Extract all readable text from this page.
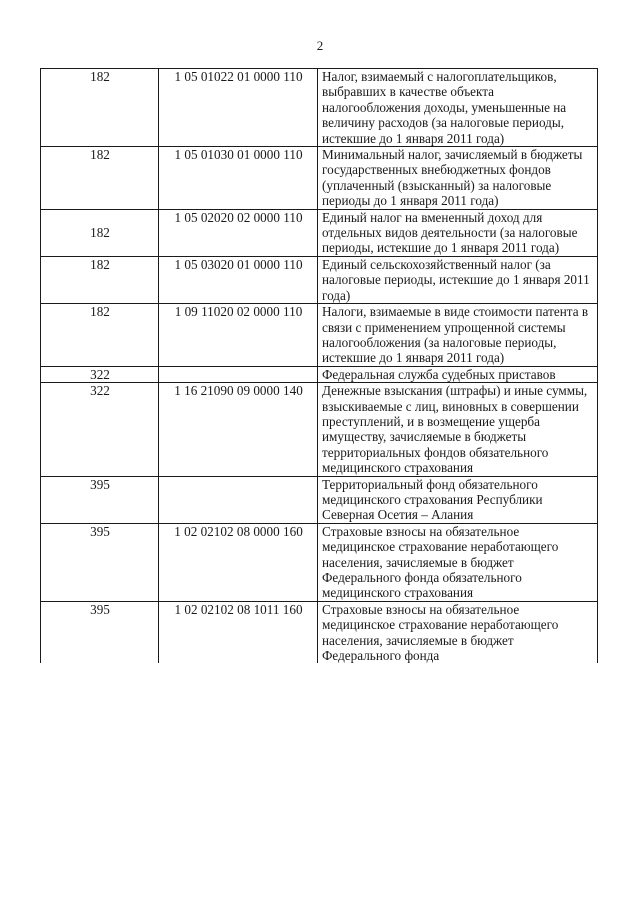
2
182	1 05 01022 01 0000 110	Налог, взимаемый с налогоплательщиков, выбравших в качестве объекта налогообложения доходы, уменьшенные на величину расходов (за налоговые периоды, истекшие до 1 января 2011 года)
182	1 05 01030 01 0000 110	Минимальный налог, зачисляемый в бюджеты государственных внебюджетных фондов (уплаченный (взысканный) за налоговые периоды до 1 января 2011 года)
182	1 05 02020 02 0000 110	Единый налог на вмененный доход для отдельных видов деятельности (за налоговые периоды, истекшие до 1 января 2011 года)
182	1 05 03020 01 0000 110	Единый сельскохозяйственный налог (за налоговые периоды, истекшие до 1 января 2011 года)
182	1 09 11020 02 0000 110	Налоги, взимаемые в виде стоимости патента в связи с применением упрощенной системы налогообложения (за налоговые периоды, истекшие до 1 января 2011 года)
322		Федеральная служба судебных приставов
322	1 16 21090 09 0000 140	Денежные взыскания (штрафы) и иные суммы, взыскиваемые с лиц, виновных в совершении преступлений, и в возмещение ущерба имуществу, зачисляемые в бюджеты территориальных фондов обязательного медицинского страхования
395		Территориальный фонд обязательного медицинского страхования Республики Северная Осетия – Алания
395	1 02 02102 08 0000 160	Страховые взносы на обязательное медицинское страхование неработающего населения, зачисляемые в бюджет Федерального фонда обязательного медицинского страхования
395	1 02 02102 08 1011 160	Страховые взносы на обязательное медицинское страхование неработающего населения, зачисляемые в бюджет Федерального фонда
